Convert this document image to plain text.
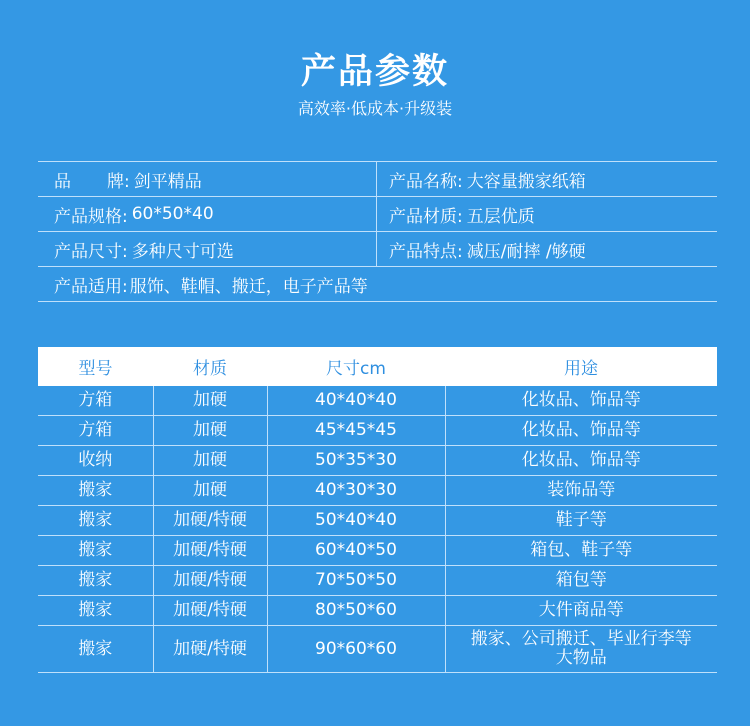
产品参数
高效率·低成本·升级装
品 牌: 剑平精品	产品名称: 大容量搬家纸箱
产品规格: 60*50*40	产品材质: 五层优质
产品尺寸: 多种尺寸可选	产品特点: 减压/耐摔 /够硬
产品适用: 服饰、鞋帽、搬迁，电子产品等
型号	材质	尺寸cm	用途
方箱	加硬	40*40*40	化妆品、饰品等
方箱	加硬	45*45*45	化妆品、饰品等
收纳	加硬	50*35*30	化妆品、饰品等
搬家	加硬	40*30*30	装饰品等
搬家	加硬/特硬	50*40*40	鞋子等
搬家	加硬/特硬	60*40*50	箱包、鞋子等
搬家	加硬/特硬	70*50*50	箱包等
搬家	加硬/特硬	80*50*60	大件商品等
搬家	加硬/特硬	90*60*60	搬家、公司搬迁、毕业行李等
大物品
